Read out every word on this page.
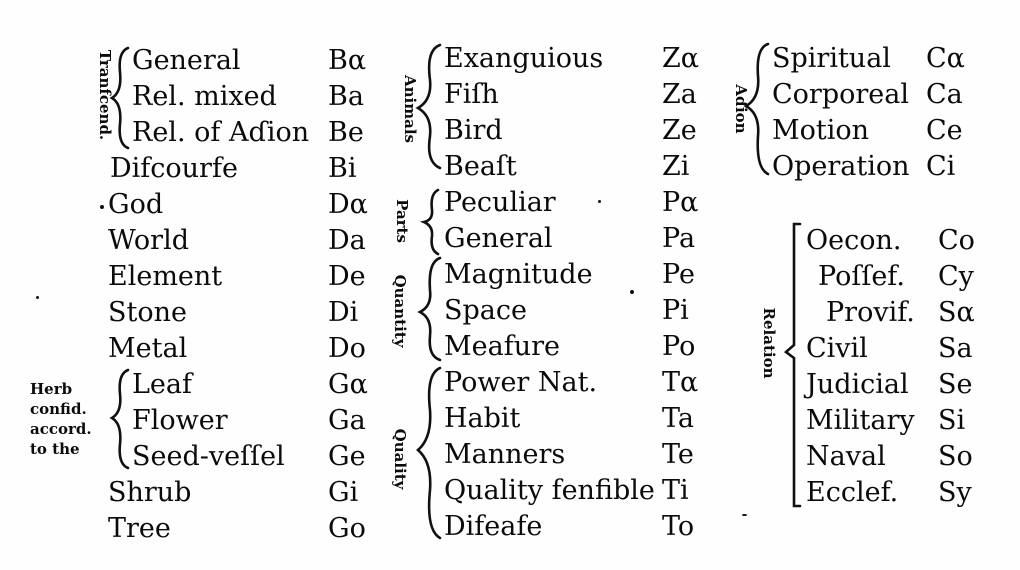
Tranfcend. General
Rel. mixed
Rel. of Aɗion
Difcourfe
God
World
Element
Stone
Metal
Leaf
Flower
Seed-veſſel
Shrub
Tree
Bα
Ba
Be
Bi
Dα
Da
De
Di
Do
Gα
Ga
Ge
Gi
Go
Herb
confid.
accord.
to the
Animals
Parts
Quantity
Quality
Exanguious
Fiſh
Bird
Beaſt
Peculiar
General
Magnitude
Space
Meafure
Power Nat.
Habit
Manners
Quality fenfible
Difeafe
Zα
Za
Ze
Zi
Pα
Pa
Pe
Pi
Po
Tα
Ta
Te
Ti
To
Aɗion
Spiritual
Corporeal
Motion
Operation
Cα
Ca
Ce
Ci
Relation
Oecon.
Poſſef.
Provif.
Civil
Judicial
Military
Naval
Ecclef.
Co
Cy
Sα
Sa
Se
Si
So
Sy
